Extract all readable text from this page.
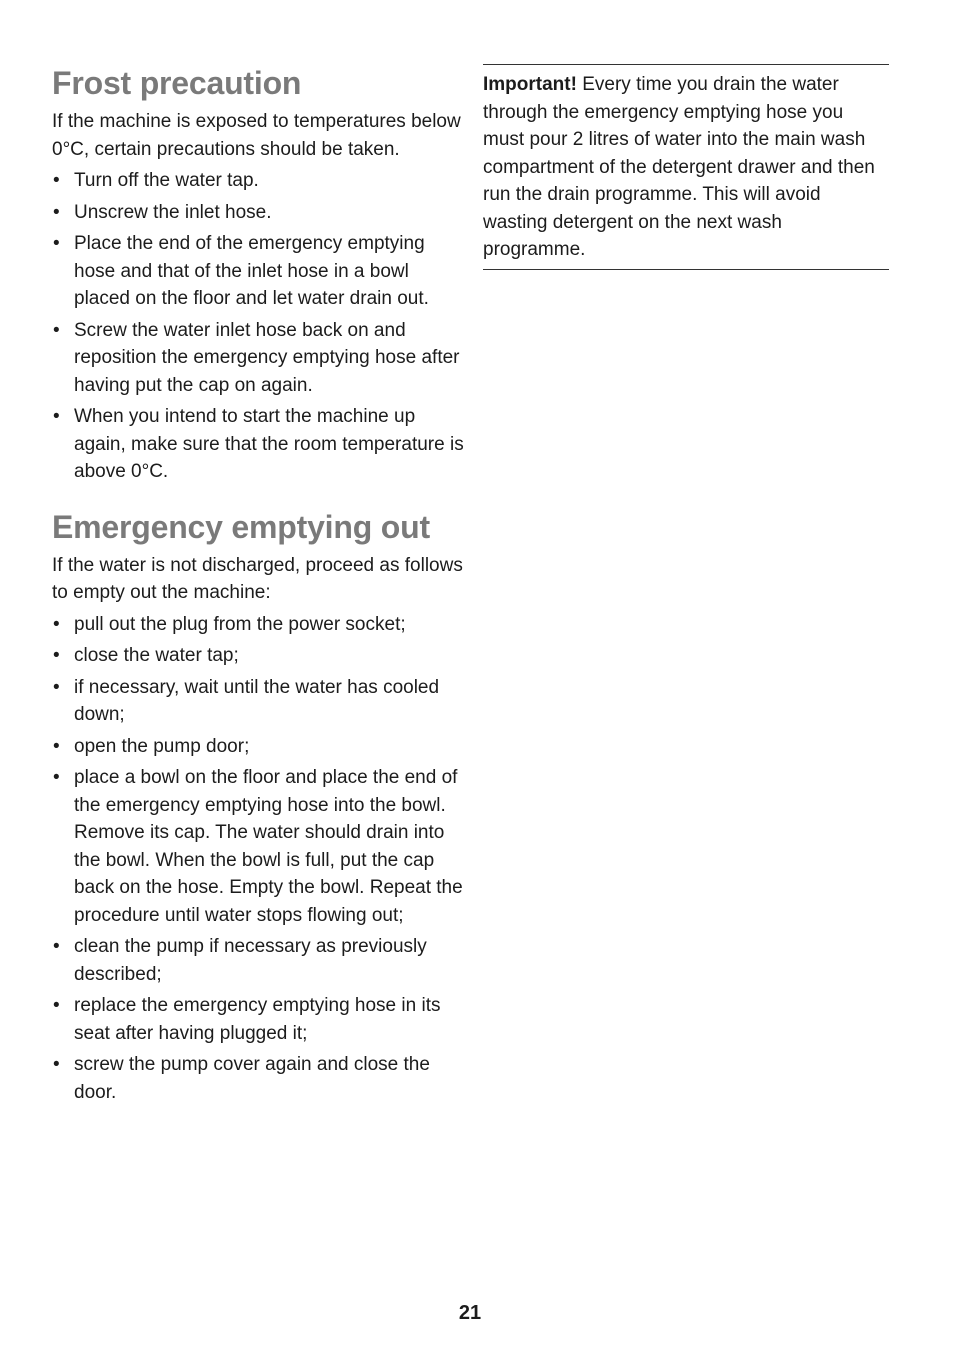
Frost precaution

If the machine is exposed to temperatures below 0°C, certain precautions should be taken.

• Turn off the water tap.
• Unscrew the inlet hose.
• Place the end of the emergency emptying hose and that of the inlet hose in a bowl placed on the floor and let water drain out.
• Screw the water inlet hose back on and reposition the emergency emptying hose after having put the cap on again.
• When you intend to start the machine up again, make sure that the room temperature is above 0°C.
Emergency emptying out

If the water is not discharged, proceed as follows to empty out the machine:

• pull out the plug from the power socket;
• close the water tap;
• if necessary, wait until the water has cooled down;
• open the pump door;
• place a bowl on the floor and place the end of the emergency emptying hose into the bowl. Remove its cap. The water should drain into the bowl. When the bowl is full, put the cap back on the hose. Empty the bowl. Repeat the procedure until water stops flowing out;
• clean the pump if necessary as previously described;
• replace the emergency emptying hose in its seat after having plugged it;
• screw the pump cover again and close the door.

Important! Every time you drain the water through the emergency emptying hose you must pour 2 litres of water into the main wash compartment of the detergent drawer and then run the drain programme. This will avoid wasting detergent on the next wash programme.

21
